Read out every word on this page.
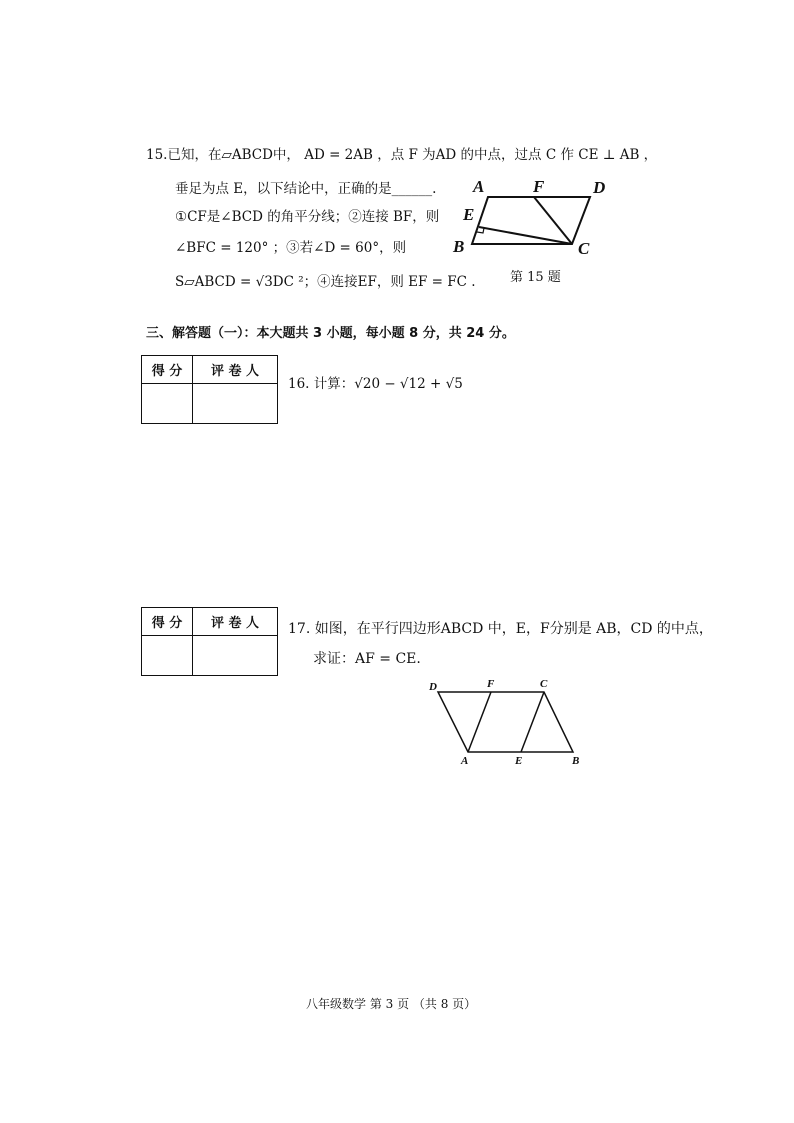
15.已知，在▱ABCD中， AD = 2AB ，点 F 为AD 的中点，过点 C 作 CE ⊥ AB ，
垂足为点 E，以下结论中，正确的是______.
①CF是∠BCD 的角平分线；②连接 BF，则
∠BFC = 120° ；③若∠D = 60°，则
S▱ABCD = √3DC ²；④连接EF，则 EF = FC .
A	F	D
E
B	C
第 15 题
三、解答题（一）：本大题共 3 小题，每小题 8 分，共 24 分。
得 分	评 卷 人

16. 计算：√20 − √12 + √5
得 分	评 卷 人
	17. 如图，在平行四边形ABCD 中，E，F分别是 AB，CD 的中点，
求证：AF = CE.
D	F	C
A	E	B
八年级数学 第 3 页 （共 8 页）
